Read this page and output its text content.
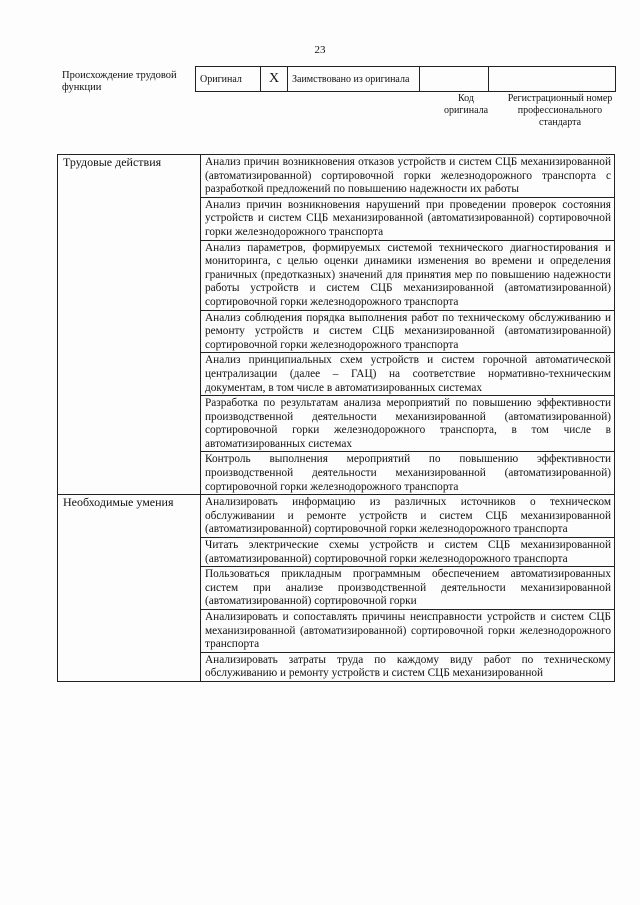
23
Происхождение трудовой функции
Оригинал	X	Заимствовано из оригинала		
Код оригинала
Регистрационный номер профессионального стандарта
Трудовые действия	Анализ причин возникновения отказов устройств и систем СЦБ механизированной (автоматизированной) сортировочной горки железнодорожного транспорта с разработкой предложений по повышению надежности их работы
	Анализ причин возникновения нарушений при проведении проверок состояния устройств и систем СЦБ механизированной (автоматизированной) сортировочной горки железнодорожного транспорта
	Анализ параметров, формируемых системой технического диагностирования и мониторинга, с целью оценки динамики изменения во времени и определения граничных (предотказных) значений для принятия мер по повышению надежности работы устройств и систем СЦБ механизированной (автоматизированной) сортировочной горки железнодорожного транспорта
	Анализ соблюдения порядка выполнения работ по техническому обслуживанию и ремонту устройств и систем СЦБ механизированной (автоматизированной) сортировочной горки железнодорожного транспорта
	Анализ принципиальных схем устройств и систем горочной автоматической централизации (далее – ГАЦ) на соответствие нормативно-техническим документам, в том числе в автоматизированных системах
	Разработка по результатам анализа мероприятий по повышению эффективности производственной деятельности механизированной (автоматизированной) сортировочной горки железнодорожного транспорта, в том числе в автоматизированных системах
	Контроль выполнения мероприятий по повышению эффективности производственной деятельности механизированной (автоматизированной) сортировочной горки железнодорожного транспорта
Необходимые умения	Анализировать информацию из различных источников о техническом обслуживании и ремонте устройств и систем СЦБ механизированной (автоматизированной) сортировочной горки железнодорожного транспорта
	Читать электрические схемы устройств и систем СЦБ механизированной (автоматизированной) сортировочной горки железнодорожного транспорта
	Пользоваться прикладным программным обеспечением автоматизированных систем при анализе производственной деятельности механизированной (автоматизированной) сортировочной горки
	Анализировать и сопоставлять причины неисправности устройств и систем СЦБ механизированной (автоматизированной) сортировочной горки железнодорожного транспорта
	Анализировать затраты труда по каждому виду работ по техническому обслуживанию и ремонту устройств и систем СЦБ механизированной
